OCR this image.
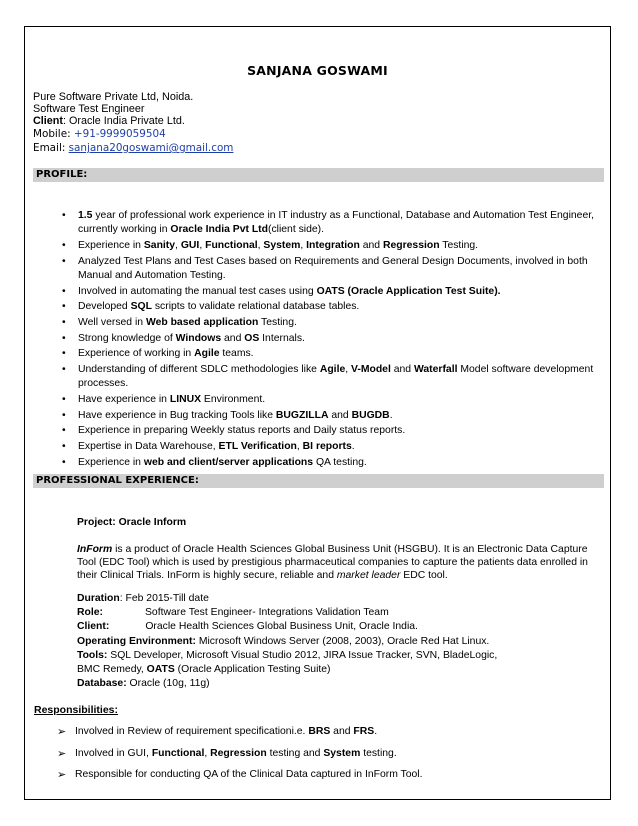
SANJANA GOSWAMI
Pure Software Private Ltd, Noida.
Software Test Engineer
Client: Oracle India Private Ltd.
Mobile: +91-9999059504
Email: sanjana20goswami@gmail.com
PROFILE:
• 1.5 year of professional work experience in IT industry as a Functional, Database and Automation Test Engineer, currently working in Oracle India Pvt Ltd(client side).
• Experience in Sanity, GUI, Functional, System, Integration and Regression Testing.
• Analyzed Test Plans and Test Cases based on Requirements and General Design Documents, involved in both Manual and Automation Testing.
• Involved in automating the manual test cases using OATS (Oracle Application Test Suite).
• Developed SQL scripts to validate relational database tables.
• Well versed in Web based application Testing.
• Strong knowledge of Windows and OS Internals.
• Experience of working in Agile teams.
• Understanding of different SDLC methodologies like Agile, V-Model and Waterfall Model software development processes.
• Have experience in LINUX Environment.
• Have experience in Bug tracking Tools like BUGZILLA and BUGDB.
• Experience in preparing Weekly status reports and Daily status reports.
• Expertise in Data Warehouse, ETL Verification, BI reports.
• Experience in web and client/server applications QA testing.
PROFESSIONAL EXPERIENCE:
Project: Oracle Inform
InForm is a product of Oracle Health Sciences Global Business Unit (HSGBU). It is an Electronic Data Capture Tool (EDC Tool) which is used by prestigious pharmaceutical companies to capture the patients data enrolled in their Clinical Trials. InForm is highly secure, reliable and market leader EDC tool.
Duration: Feb 2015-Till date
Role:	Software Test Engineer- Integrations Validation Team
Client:	Oracle Health Sciences Global Business Unit, Oracle India.
Operating Environment: Microsoft Windows Server (2008, 2003), Oracle Red Hat Linux.
Tools: SQL Developer, Microsoft Visual Studio 2012, JIRA Issue Tracker, SVN, BladeLogic,
BMC Remedy, OATS (Oracle Application Testing Suite)
Database: Oracle (10g, 11g)
Responsibilities:
➢ Involved in Review of requirement specificationi.e. BRS and FRS.
➢ Involved in GUI, Functional, Regression testing and System testing.
➢ Responsible for conducting QA of the Clinical Data captured in InForm Tool.
